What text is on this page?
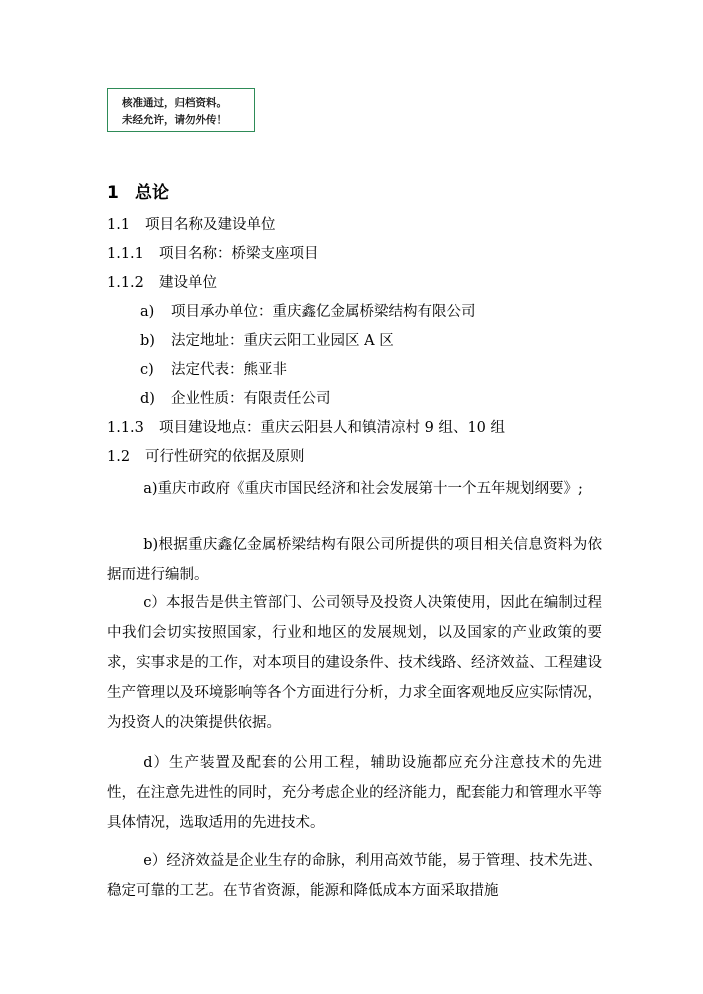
核准通过，归档资料。
未经允许，请勿外传！
1 总论
1.1 项目名称及建设单位
1.1.1 项目名称：桥梁支座项目
1.1.2 建设单位
a) 项目承办单位：重庆鑫亿金属桥梁结构有限公司
b) 法定地址：重庆云阳工业园区 A 区
c) 法定代表：熊亚非
d) 企业性质：有限责任公司
1.1.3 项目建设地点：重庆云阳县人和镇清凉村 9 组、10 组
1.2 可行性研究的依据及原则
a)重庆市政府《重庆市国民经济和社会发展第十一个五年规划纲要》;
b)根据重庆鑫亿金属桥梁结构有限公司所提供的项目相关信息资料为依据而进行编制。
c）本报告是供主管部门、公司领导及投资人决策使用，因此在编制过程中我们会切实按照国家，行业和地区的发展规划，以及国家的产业政策的要求，实事求是的工作，对本项目的建设条件、技术线路、经济效益、工程建设生产管理以及环境影响等各个方面进行分析，力求全面客观地反应实际情况，为投资人的决策提供依据。
d）生产装置及配套的公用工程，辅助设施都应充分注意技术的先进性，在注意先进性的同时，充分考虑企业的经济能力，配套能力和管理水平等具体情况，选取适用的先进技术。
e）经济效益是企业生存的命脉，利用高效节能，易于管理、技术先进、稳定可靠的工艺。在节省资源，能源和降低成本方面采取措施
